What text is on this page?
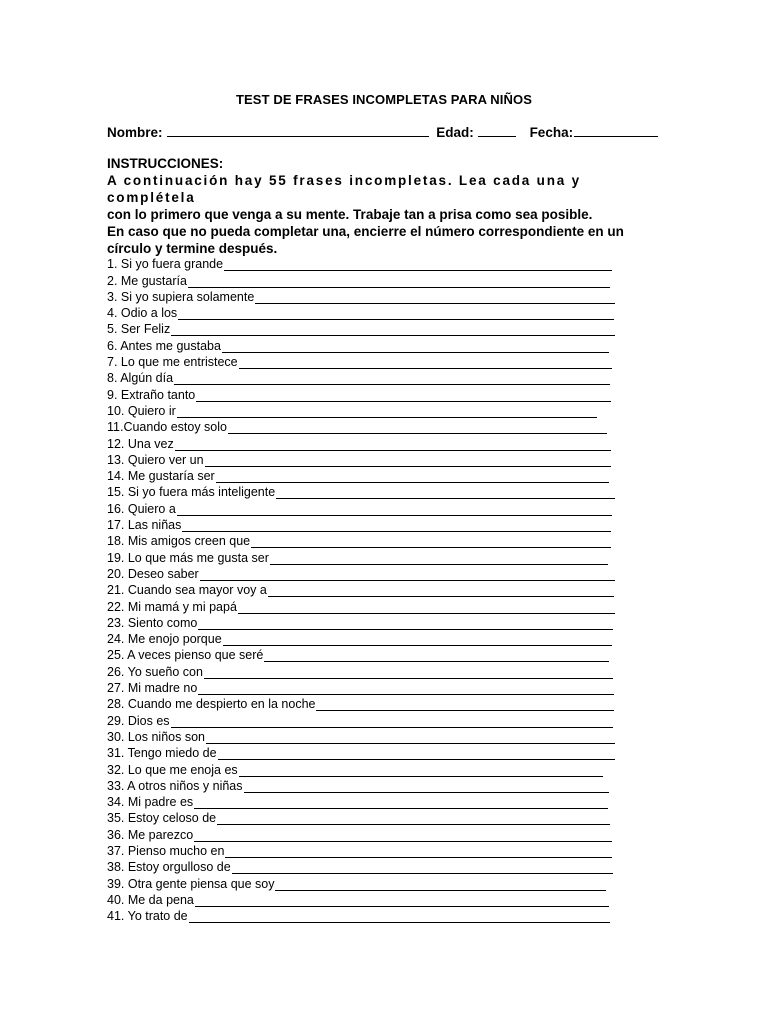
TEST DE FRASES INCOMPLETAS PARA NIÑOS
Nombre:	Edad:	Fecha:
INSTRUCCIONES:
A continuación hay 55 frases incompletas. Lea cada una y complétela
con lo primero que venga a su mente. Trabaje tan a prisa como sea posible.
En caso que no pueda completar una, encierre el número correspondiente en un
círculo y termine después.
1. Si yo fuera grande
2. Me gustaría
3. Si yo supiera solamente
4. Odio a los
5. Ser Feliz
6. Antes me gustaba
7. Lo que me entristece
8. Algún día
9. Extraño tanto
10. Quiero ir
11.Cuando estoy solo
12. Una vez
13. Quiero ver un
14. Me gustaría ser
15. Si yo fuera más inteligente
16. Quiero a
17. Las niñas
18. Mis amigos creen que
19. Lo que más me gusta ser
20. Deseo saber
21. Cuando sea mayor voy a
22. Mi mamá y mi papá
23. Siento como
24. Me enojo porque
25. A veces pienso que seré
26. Yo sueño con
27. Mi madre no
28. Cuando me despierto en la noche
29. Dios es
30. Los niños son
31. Tengo miedo de
32. Lo que me enoja es
33. A otros niños y niñas
34. Mi padre es
35. Estoy celoso de
36. Me parezco
37. Pienso mucho en
38. Estoy orgulloso de
39. Otra gente piensa que soy
40. Me da pena
41. Yo trato de
